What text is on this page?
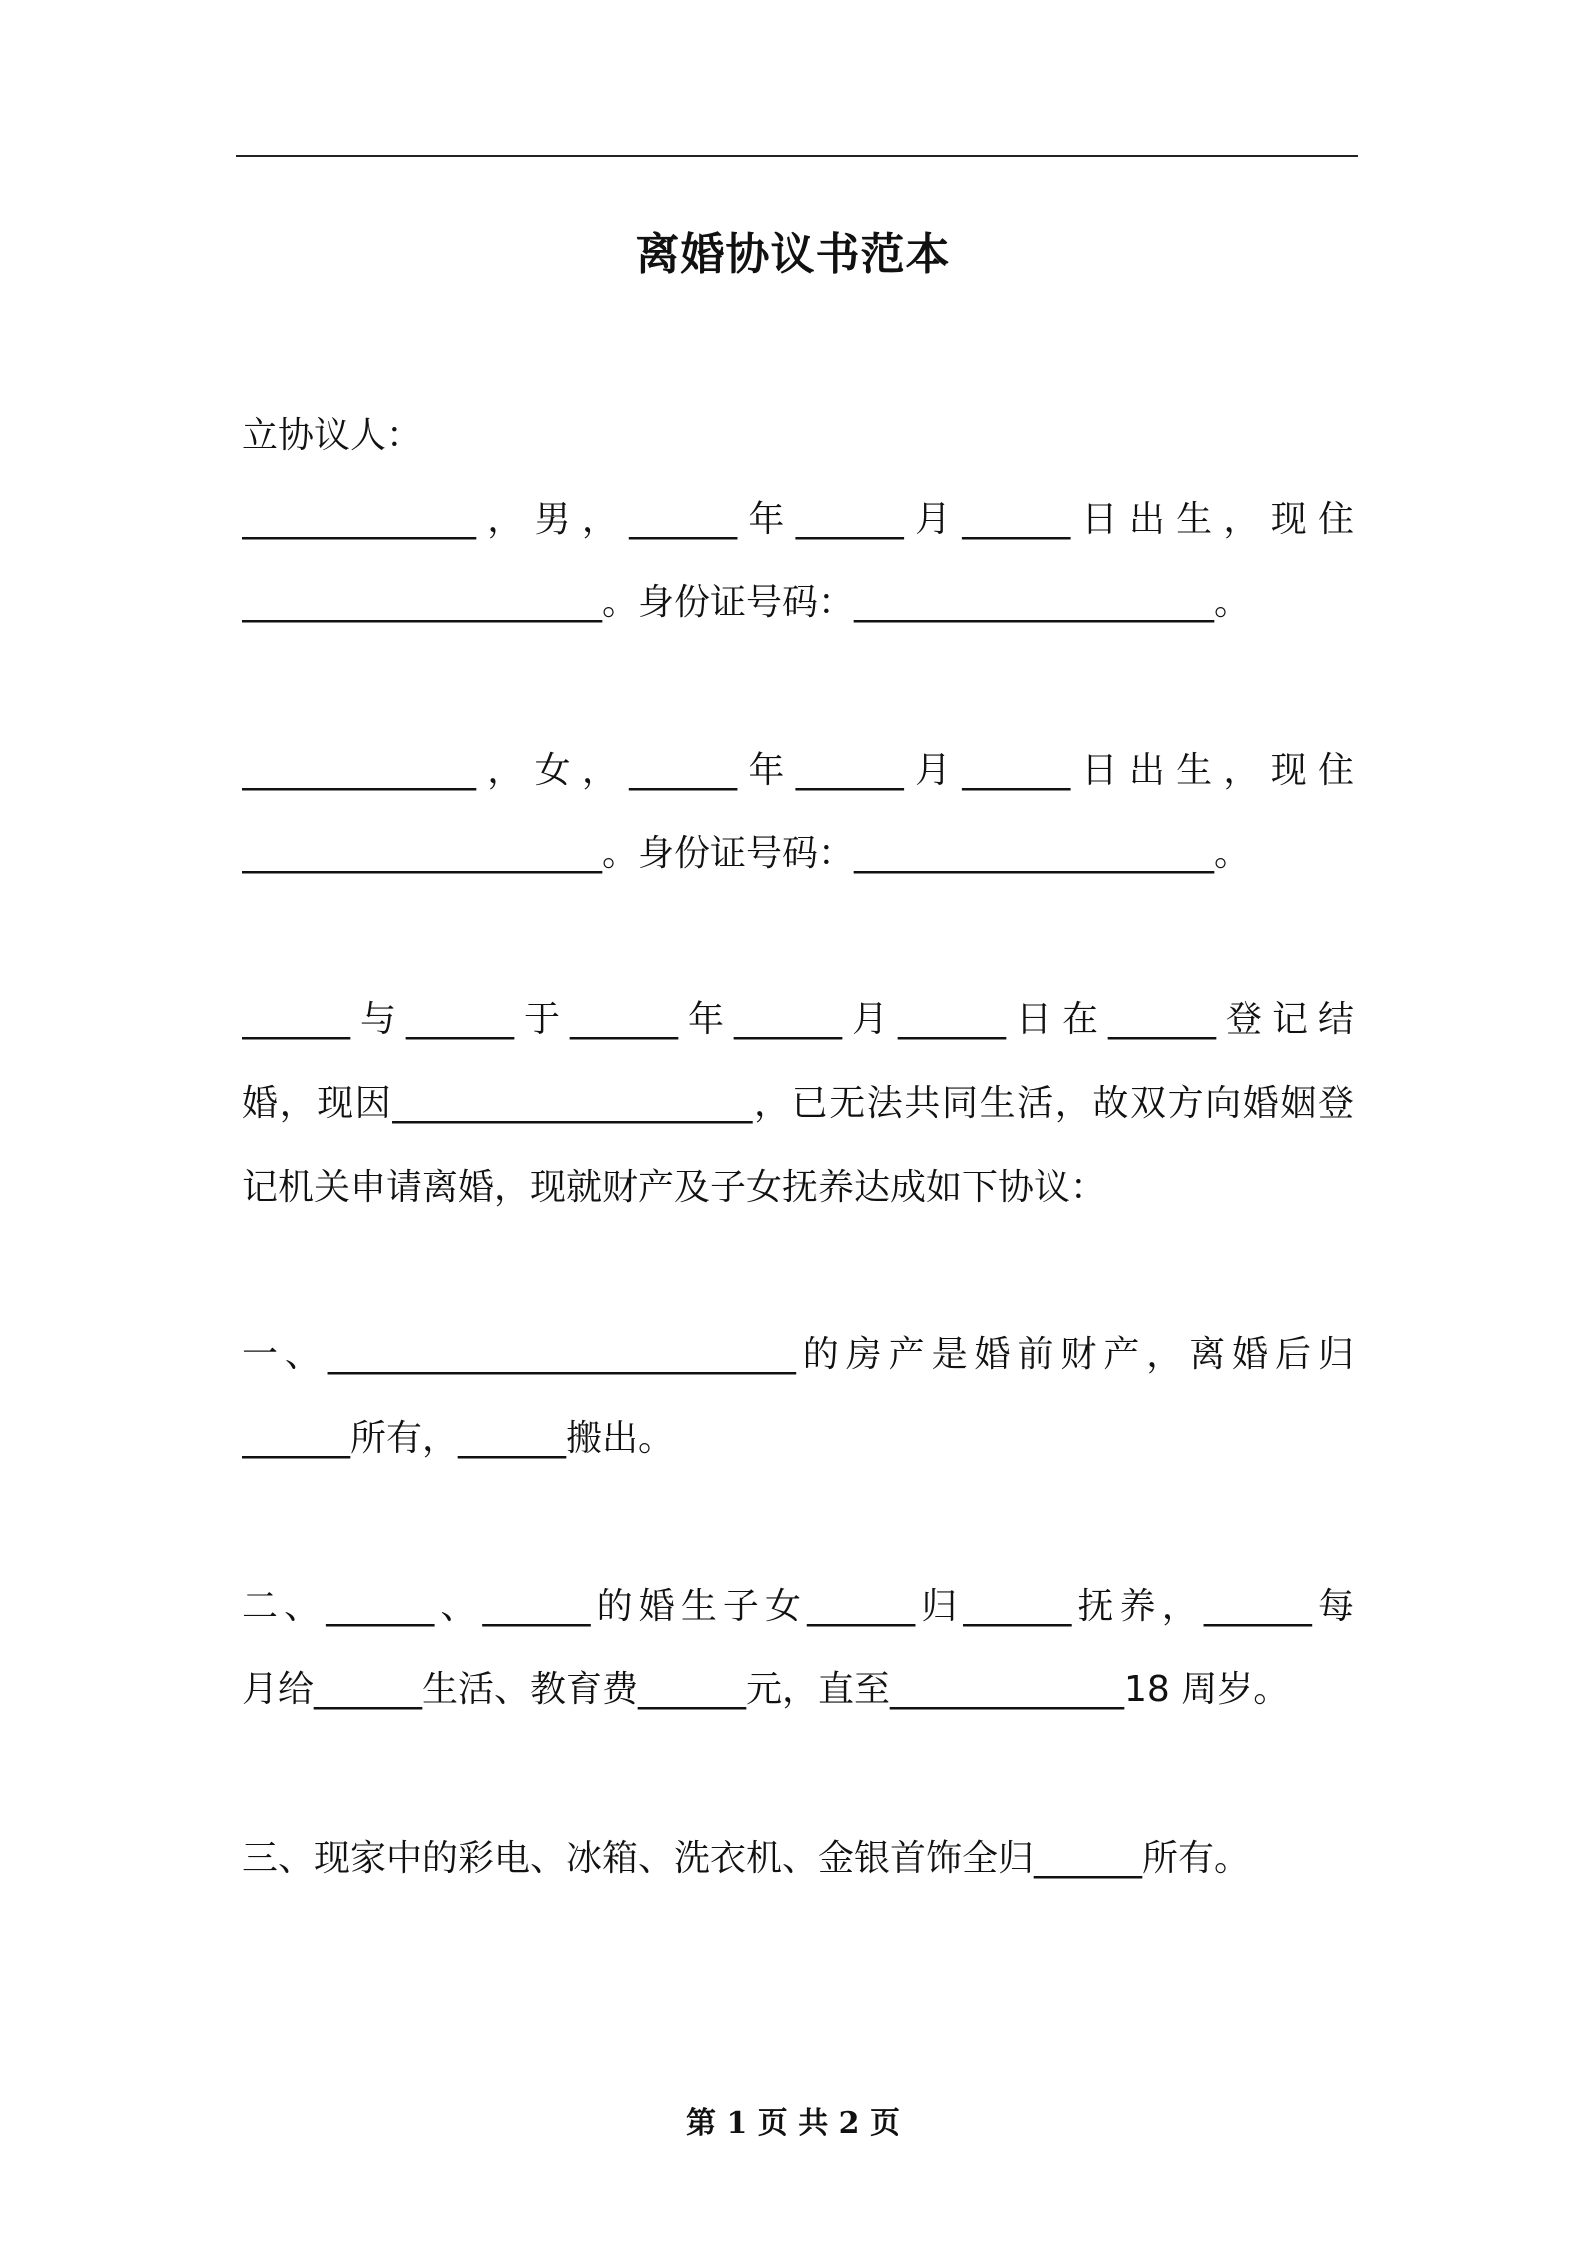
离婚协议书范本
立协议人：
_____________，男，______年______月______日出生，现住
____________________。身份证号码：____________________。
_____________，女，______年______月______日出生，现住
____________________。身份证号码：____________________。
______与______于______年______月______日在______登记结
婚，现因____________________，已无法共同生活，故双方向婚姻登
记机关申请离婚，现就财产及子女抚养达成如下协议：
一、__________________________的房产是婚前财产，离婚后归
______所有，______搬出。
二、______、______的婚生子女______归______抚养，______每
月给______生活、教育费______元，直至_____________18 周岁。
三、现家中的彩电、冰箱、洗衣机、金银首饰全归______所有。
第 1 页 共 2 页
